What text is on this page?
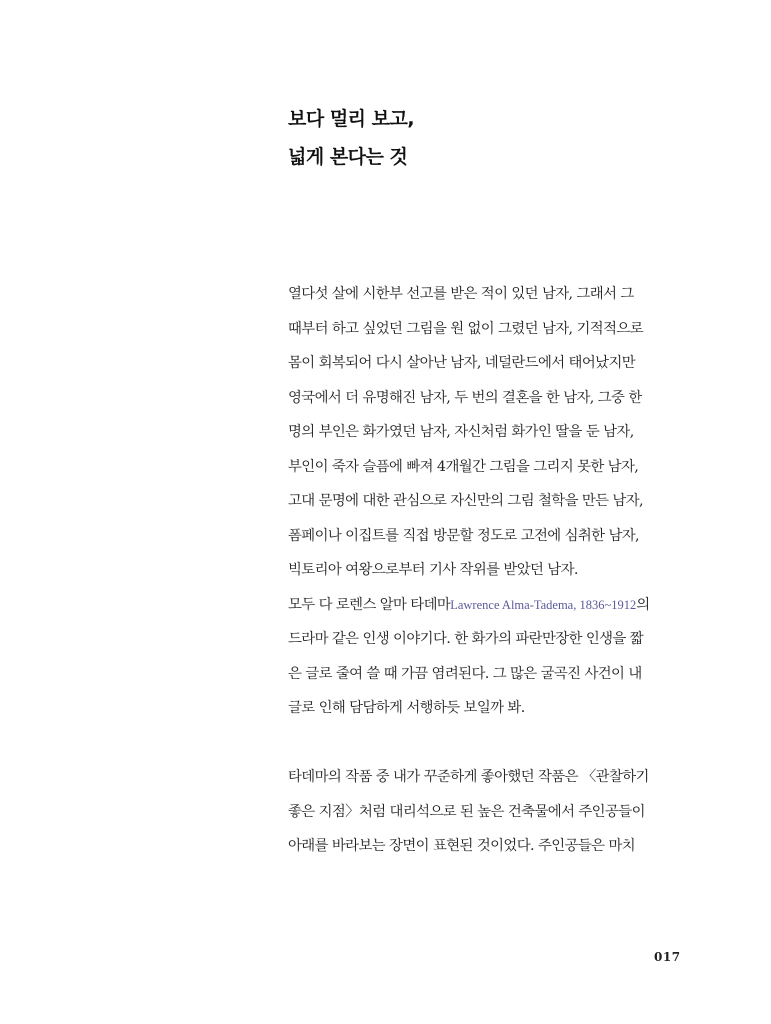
보다 멀리 보고,
넓게 본다는 것
열다섯 살에 시한부 선고를 받은 적이 있던 남자, 그래서 그
때부터 하고 싶었던 그림을 원 없이 그렸던 남자, 기적적으로
몸이 회복되어 다시 살아난 남자, 네덜란드에서 태어났지만
영국에서 더 유명해진 남자, 두 번의 결혼을 한 남자, 그중 한
명의 부인은 화가였던 남자, 자신처럼 화가인 딸을 둔 남자,
부인이 죽자 슬픔에 빠져 4개월간 그림을 그리지 못한 남자,
고대 문명에 대한 관심으로 자신만의 그림 철학을 만든 남자,
폼페이나 이집트를 직접 방문할 정도로 고전에 심취한 남자,
빅토리아 여왕으로부터 기사 작위를 받았던 남자.
모두 다 로렌스 알마 타데마Lawrence Alma-Tadema, 1836~1912의
드라마 같은 인생 이야기다. 한 화가의 파란만장한 인생을 짧
은 글로 줄여 쓸 때 가끔 염려된다. 그 많은 굴곡진 사건이 내
글로 인해 담담하게 서행하듯 보일까 봐.
타데마의 작품 중 내가 꾸준하게 좋아했던 작품은 〈관찰하기
좋은 지점〉처럼 대리석으로 된 높은 건축물에서 주인공들이
아래를 바라보는 장면이 표현된 것이었다. 주인공들은 마치
017
